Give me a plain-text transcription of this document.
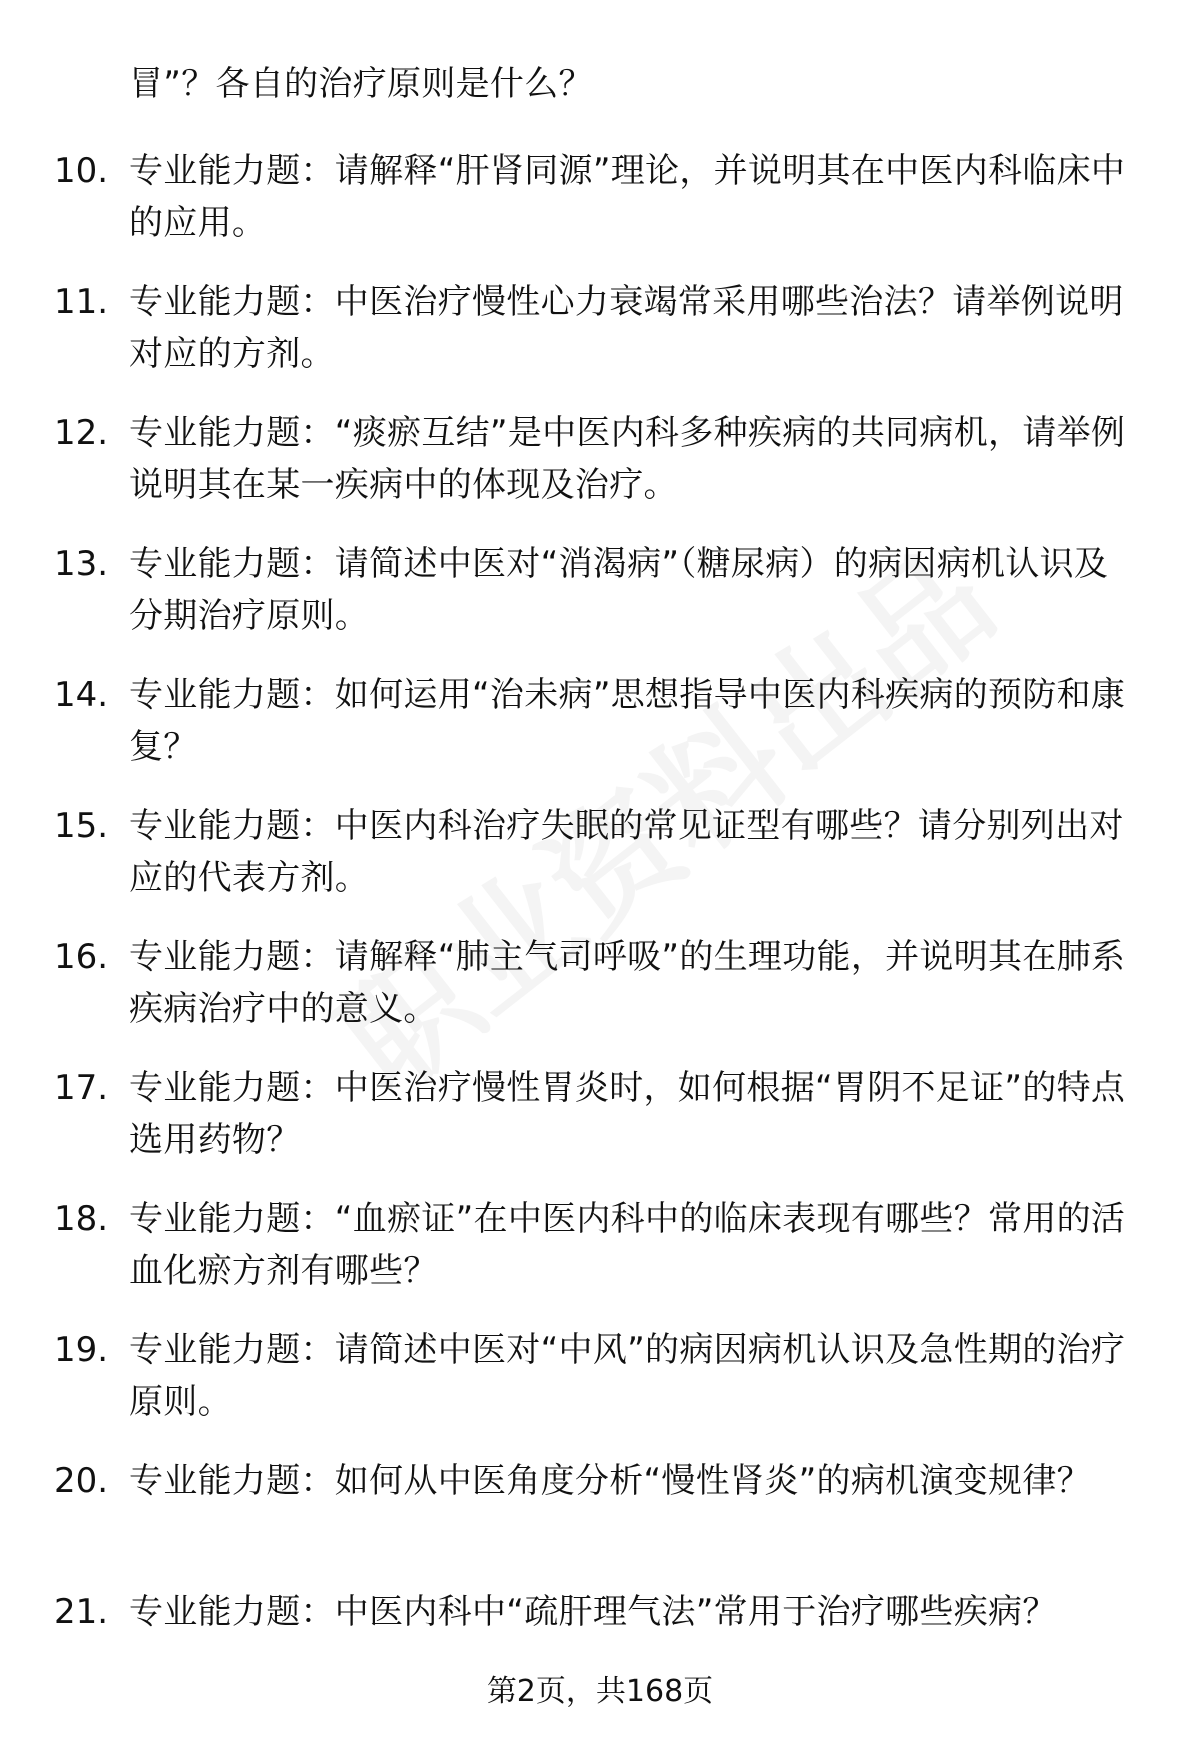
冒”？各自的治疗原则是什么？

10. 专业能力题：请解释“肝肾同源”理论，并说明其在中医内科临床中的应用。

11. 专业能力题：中医治疗慢性心力衰竭常采用哪些治法？请举例说明对应的方剂。

12. 专业能力题：“痰瘀互结”是中医内科多种疾病的共同病机，请举例说明其在某一疾病中的体现及治疗。

13. 专业能力题：请简述中医对“消渴病”（糖尿病）的病因病机认识及分期治疗原则。

14. 专业能力题：如何运用“治未病”思想指导中医内科疾病的预防和康复？

15. 专业能力题：中医内科治疗失眠的常见证型有哪些？请分别列出对应的代表方剂。

16. 专业能力题：请解释“肺主气司呼吸”的生理功能，并说明其在肺系疾病治疗中的意义。

17. 专业能力题：中医治疗慢性胃炎时，如何根据“胃阴不足证”的特点选用药物？

18. 专业能力题：“血瘀证”在中医内科中的临床表现有哪些？常用的活血化瘀方剂有哪些？

19. 专业能力题：请简述中医对“中风”的病因病机认识及急性期的治疗原则。

20. 专业能力题：如何从中医角度分析“慢性肾炎”的病机演变规律？

21. 专业能力题：中医内科中“疏肝理气法”常用于治疗哪些疾病？

第2页，共168页
